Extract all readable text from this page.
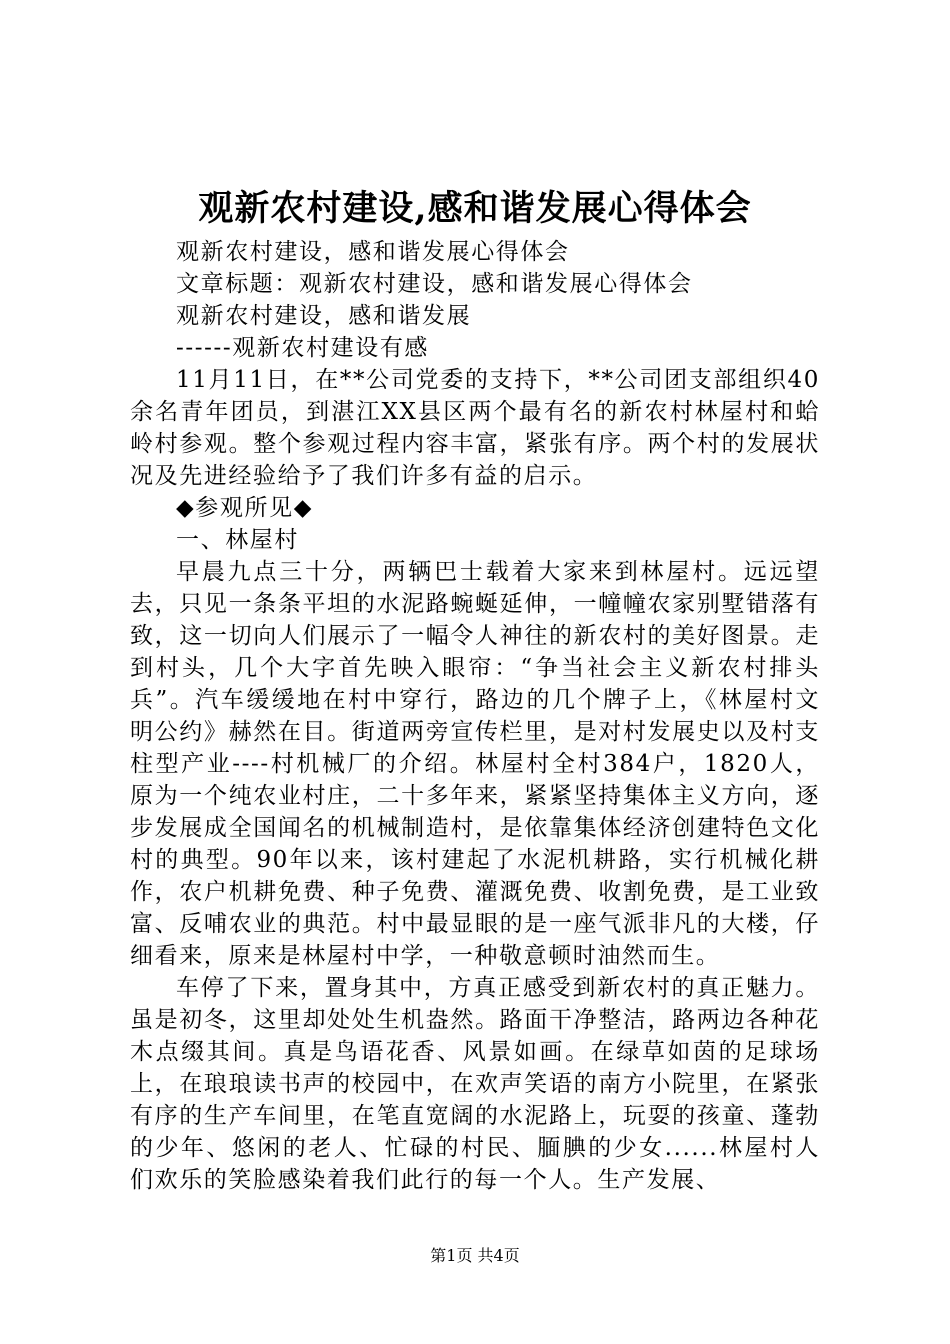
观新农村建设,感和谐发展心得体会

观新农村建设，感和谐发展心得体会

文章标题：观新农村建设，感和谐发展心得体会

观新农村建设，感和谐发展

------观新农村建设有感

11月11日，在**公司党委的支持下，**公司团支部组织40余名青年团员，到湛江XX县区两个最有名的新农村林屋村和蛤岭村参观。整个参观过程内容丰富，紧张有序。两个村的发展状况及先进经验给予了我们许多有益的启示。

◆参观所见◆

一、林屋村

早晨九点三十分，两辆巴士载着大家来到林屋村。远远望去，只见一条条平坦的水泥路蜿蜒延伸，一幢幢农家别墅错落有致，这一切向人们展示了一幅令人神往的新农村的美好图景。走到村头，几个大字首先映入眼帘：“争当社会主义新农村排头兵”。汽车缓缓地在村中穿行，路边的几个牌子上，《林屋村文明公约》赫然在目。街道两旁宣传栏里，是对村发展史以及村支柱型产业----村机械厂的介绍。林屋村全村384户，1820人，原为一个纯农业村庄，二十多年来，紧紧坚持集体主义方向，逐步发展成全国闻名的机械制造村，是依靠集体经济创建特色文化村的典型。90年以来，该村建起了水泥机耕路，实行机械化耕作，农户机耕免费、种子免费、灌溉免费、收割免费，是工业致富、反哺农业的典范。村中最显眼的是一座气派非凡的大楼，仔细看来，原来是林屋村中学，一种敬意顿时油然而生。

车停了下来，置身其中，方真正感受到新农村的真正魅力。虽是初冬，这里却处处生机盎然。路面干净整洁，路两边各种花木点缀其间。真是鸟语花香、风景如画。在绿草如茵的足球场上，在琅琅读书声的校园中，在欢声笑语的南方小院里，在紧张有序的生产车间里，在笔直宽阔的水泥路上，玩耍的孩童、蓬勃的少年、悠闲的老人、忙碌的村民、腼腆的少女......林屋村人们欢乐的笑脸感染着我们此行的每一个人。生产发展、

第1页 共4页
